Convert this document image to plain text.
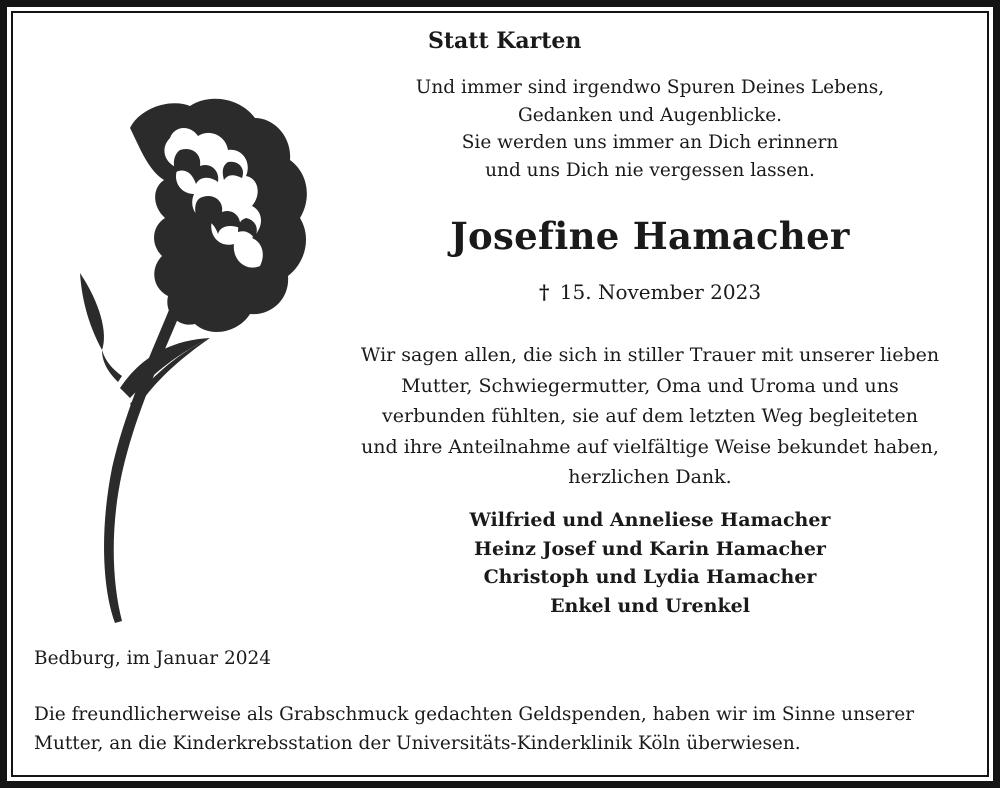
Statt Karten
Und immer sind irgendwo Spuren Deines Lebens,
Gedanken und Augenblicke.
Sie werden uns immer an Dich erinnern
und uns Dich nie vergessen lassen.
Josefine Hamacher
† 15. November 2023
Wir sagen allen, die sich in stiller Trauer mit unserer lieben
Mutter, Schwiegermutter, Oma und Uroma und uns
verbunden fühlten, sie auf dem letzten Weg begleiteten
und ihre Anteilnahme auf vielfältige Weise bekundet haben,
herzlichen Dank.
Wilfried und Anneliese Hamacher
Heinz Josef und Karin Hamacher
Christoph und Lydia Hamacher
Enkel und Urenkel
Bedburg, im Januar 2024
Die freundlicherweise als Grabschmuck gedachten Geldspenden, haben wir im Sinne unserer
Mutter, an die Kinderkrebsstation der Universitäts-Kinderklinik Köln überwiesen.
